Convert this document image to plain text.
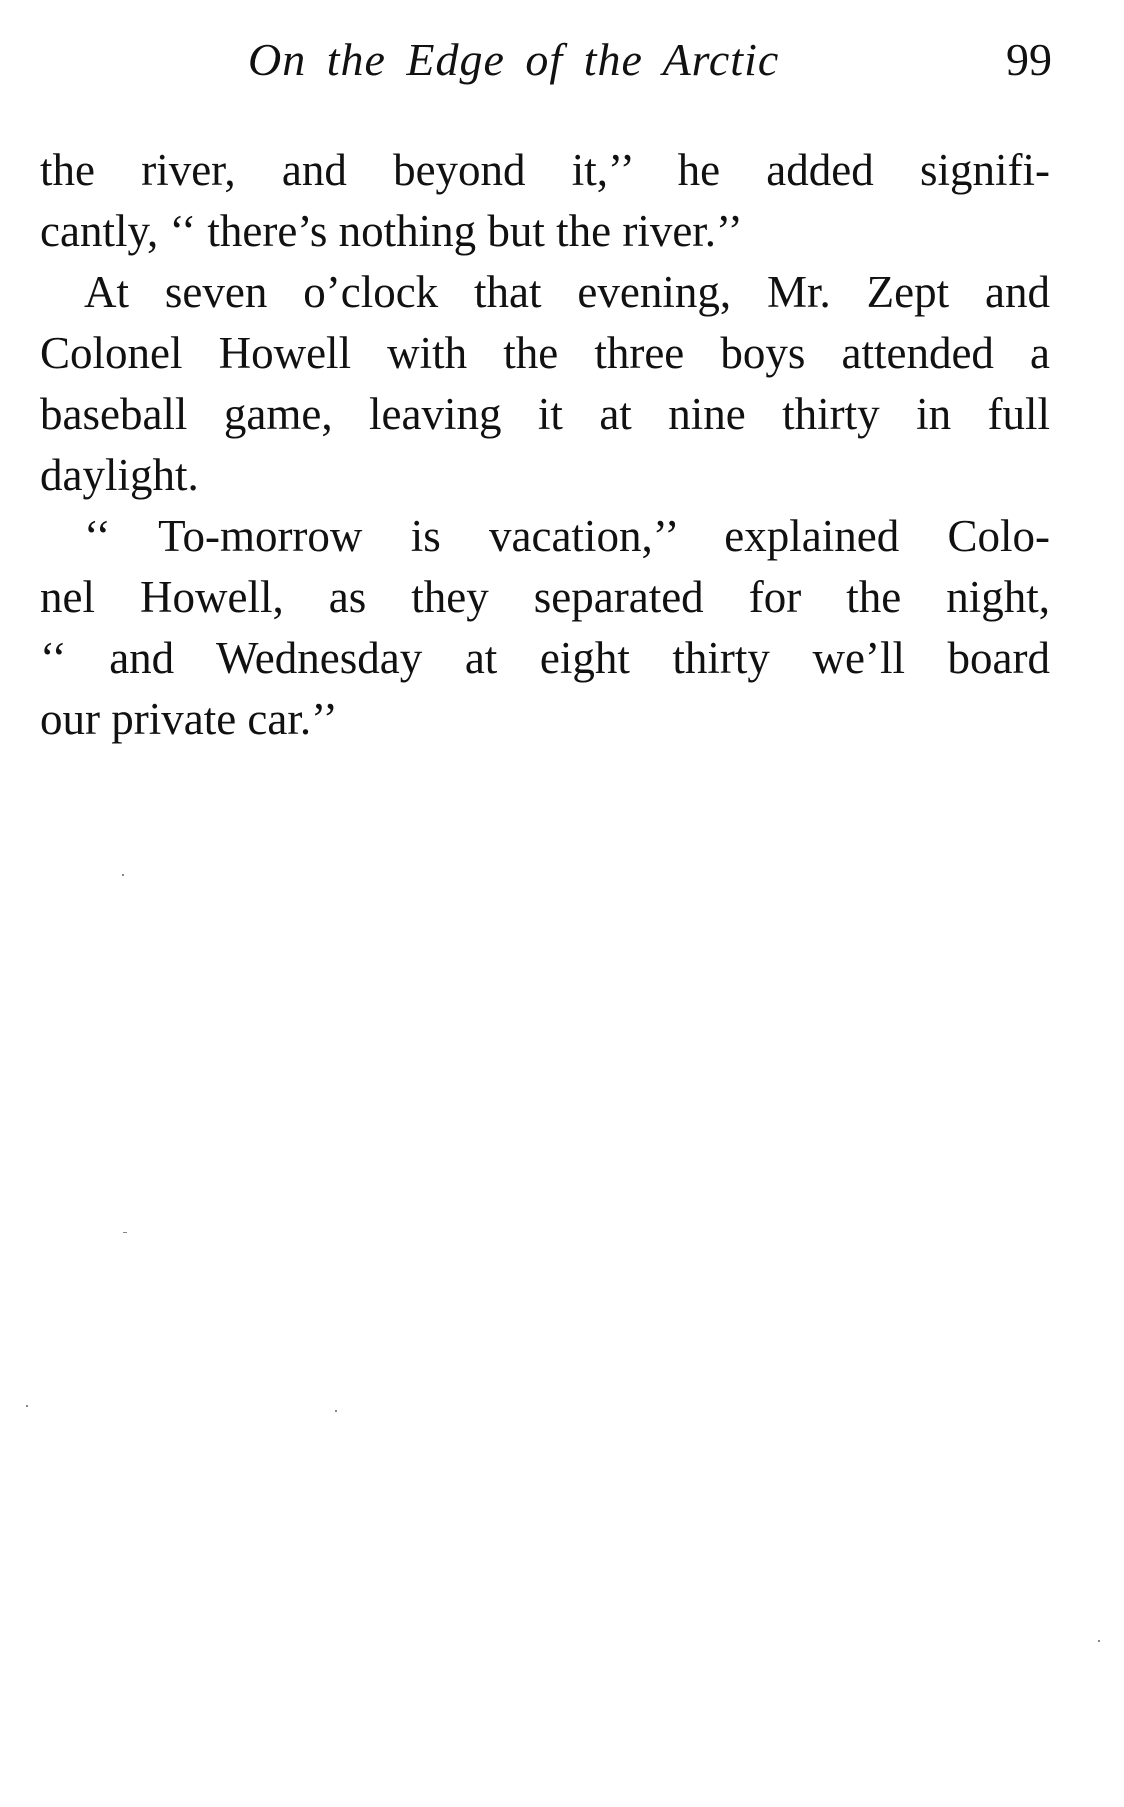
On the Edge of the Arctic	99
the river, and beyond it,’’ he added signifi-
cantly, ‘‘ there’s nothing but the river.’’
At seven o’clock that evening, Mr. Zept and
Colonel Howell with the three boys attended a
baseball game, leaving it at nine thirty in full
daylight.
‘‘ To-morrow is vacation,’’ explained Colo-
nel Howell, as they separated for the night,
‘‘ and Wednesday at eight thirty we’ll board
our private car.’’
